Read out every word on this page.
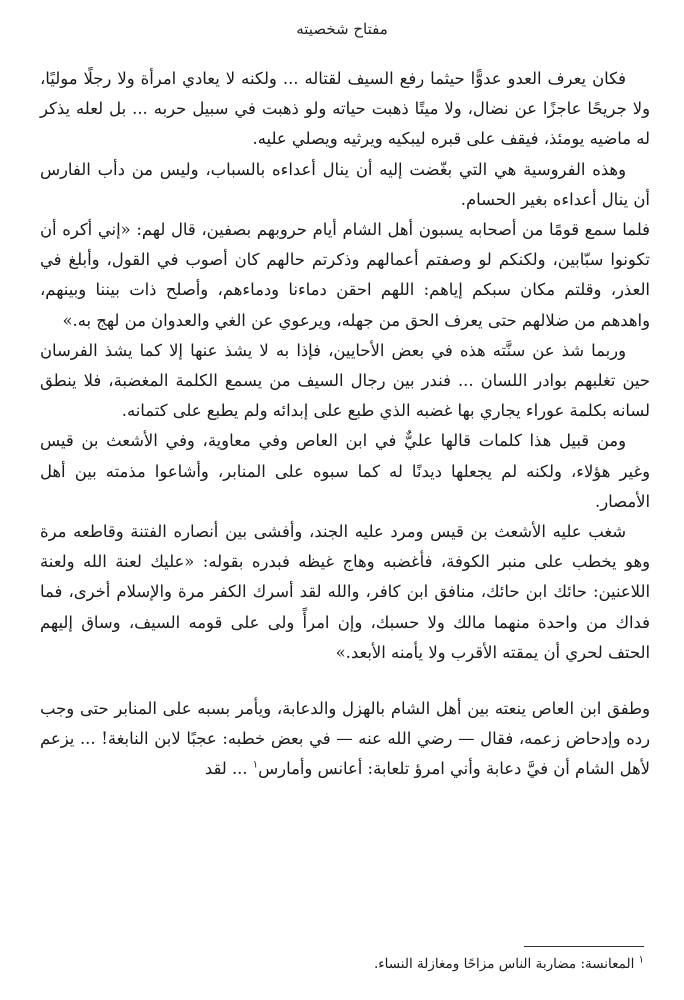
مفتاح شخصيته

فكان يعرف العدو عدوًّا حيثما رفع السيف لقتاله ... ولكنه لا يعادي امرأة ولا رجلًا موليًا، ولا جريحًا عاجزًا عن نضال، ولا ميتًا ذهبت حياته ولو ذهبت في سبيل حربه ... بل لعله يذكر له ماضيه يومئذ، فيقف على قبره ليبكيه ويرثيه ويصلي عليه.

وهذه الفروسية هي التي بغّضت إليه أن ينال أعداءه بالسباب، وليس من دأب الفارس أن ينال أعداءه بغير الحسام.

فلما سمع قومًا من أصحابه يسبون أهل الشام أيام حروبهم بصفين، قال لهم: «إني أكره أن تكونوا سبّابين، ولكنكم لو وصفتم أعمالهم وذكرتم حالهم كان أصوب في القول، وأبلغ في العذر، وقلتم مكان سبكم إياهم: اللهم احقن دماءنا ودماءهم، وأصلح ذات بيننا وبينهم، واهدهم من ضلالهم حتى يعرف الحق من جهله، ويرعوي عن الغي والعدوان من لهج به.»

وربما شذ عن سنَّته هذه في بعض الأحايين، فإذا به لا يشذ عنها إلا كما يشذ الفرسان حين تغلبهم بوادر اللسان ... فندر بين رجال السيف من يسمع الكلمة المغضبة، فلا ينطق لسانه بكلمة عوراء يجاري بها غضبه الذي طبع على إبدائه ولم يطبع على كتمانه.

ومن قبيل هذا كلمات قالها عليٌّ في ابن العاص وفي معاوية، وفي الأشعث بن قيس وغير هؤلاء، ولكنه لم يجعلها ديدنًا له كما سبوه على المنابر، وأشاعوا مذمته بين أهل الأمصار.

شغب عليه الأشعث بن قيس ومرد عليه الجند، وأفشى بين أنصاره الفتنة وقاطعه مرة وهو يخطب على منبر الكوفة، فأغضبه وهاج غيظه فبدره بقوله: «عليك لعنة الله ولعنة اللاعنين: حائك ابن حائك، منافق ابن كافر، والله لقد أسرك الكفر مرة والإسلام أخرى، فما فداك من واحدة منهما مالك ولا حسبك، وإن امرأً ولى على قومه السيف، وساق إليهم الحتف لحري أن يمقته الأقرب ولا يأمنه الأبعد.»

وطفق ابن العاص ينعته بين أهل الشام بالهزل والدعابة، ويأمر بسبه على المنابر حتى وجب رده وإدحاض زعمه، فقال — رضي الله عنه — في بعض خطبه: عجبًا لابن النابغة! ... يزعم لأهل الشام أن فيَّ دعابة وأني امرؤ تلعابة: أعانس وأمارس$^١$ ... لقد

$^١$ المعانسة: مضاربة الناس مزاحًا ومغازلة النساء.
